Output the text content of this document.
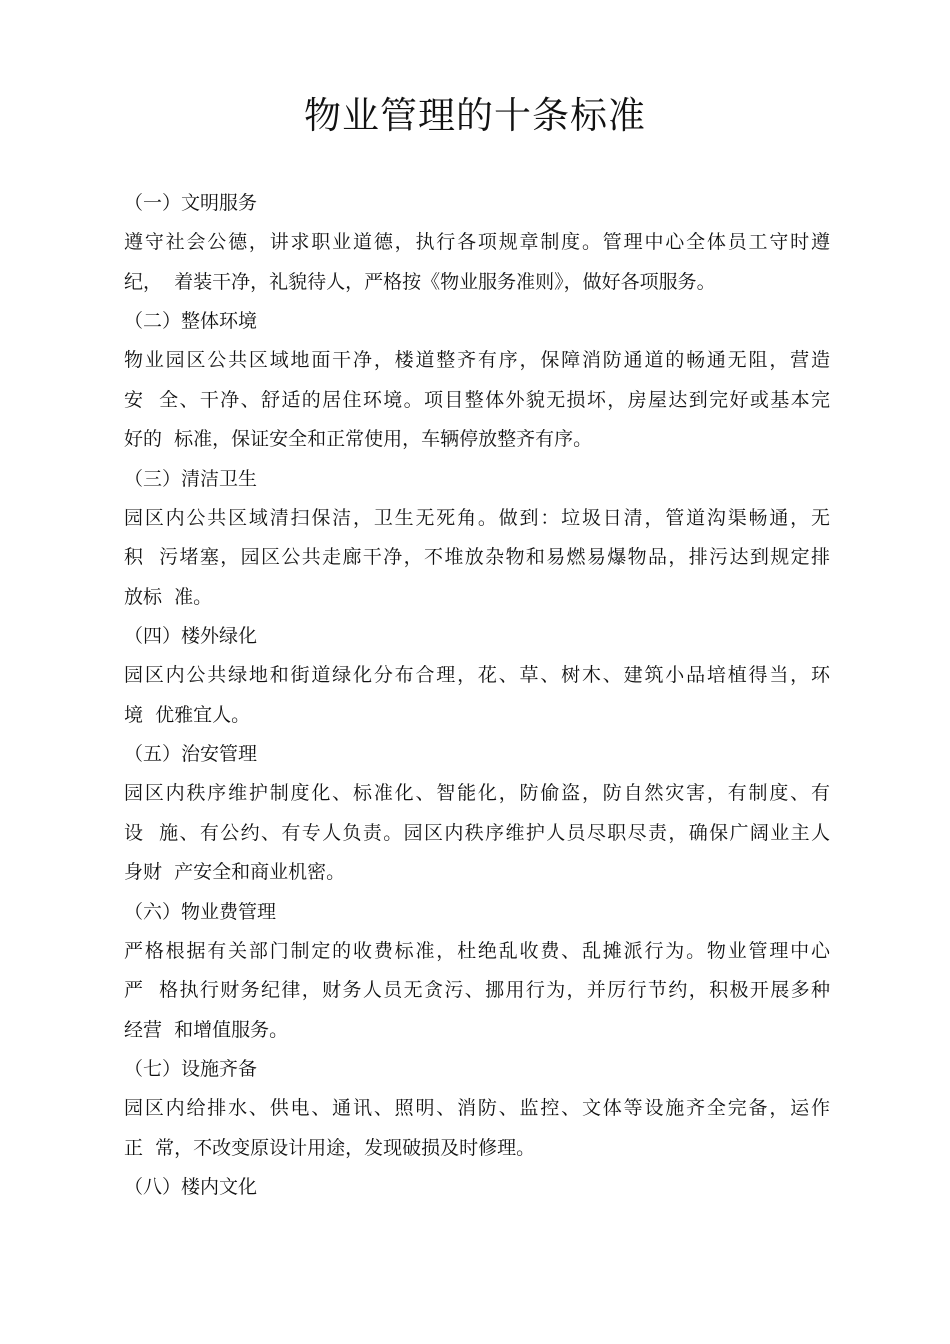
物业管理的十条标准
（一）文明服务
遵守社会公德，讲求职业道德，执行各项规章制度。管理中心全体员工守时遵
纪，  着装干净，礼貌待人，严格按《物业服务准则》，做好各项服务。
（二）整体环境
物业园区公共区域地面干净，楼道整齐有序，保障消防通道的畅通无阻，营造
安  全、干净、舒适的居住环境。项目整体外貌无损坏，房屋达到完好或基本完
好的  标准，保证安全和正常使用，车辆停放整齐有序。
（三）清洁卫生
园区内公共区域清扫保洁，卫生无死角。做到：垃圾日清，管道沟渠畅通，无
积  污堵塞，园区公共走廊干净，不堆放杂物和易燃易爆物品，排污达到规定排
放标  准。
（四）楼外绿化
园区内公共绿地和街道绿化分布合理，花、草、树木、建筑小品培植得当，环
境  优雅宜人。
（五）治安管理
园区内秩序维护制度化、标准化、智能化，防偷盗，防自然灾害，有制度、有
设  施、有公约、有专人负责。园区内秩序维护人员尽职尽责，确保广阔业主人
身财  产安全和商业机密。
（六）物业费管理
严格根据有关部门制定的收费标准，杜绝乱收费、乱摊派行为。物业管理中心
严  格执行财务纪律，财务人员无贪污、挪用行为，并厉行节约，积极开展多种
经营  和增值服务。
（七）设施齐备
园区内给排水、供电、通讯、照明、消防、监控、文体等设施齐全完备，运作
正  常，不改变原设计用途，发现破损及时修理。
（八）楼内文化
